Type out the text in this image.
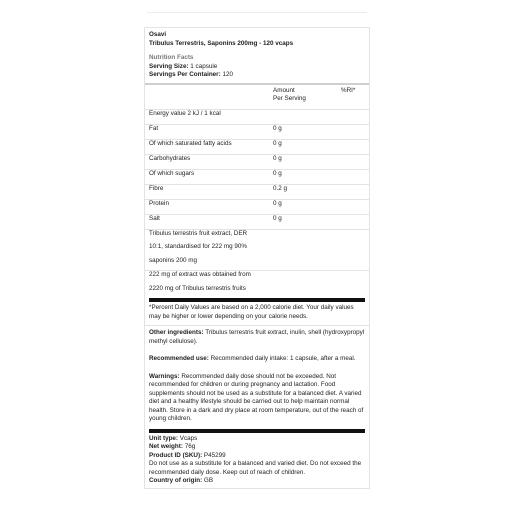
Osavi
Tribulus Terrestris, Saponins 200mg - 120 vcaps
Nutrition Facts
Serving Size: 1 capsule
Servings Per Container: 120
	Amount
Per Serving	%RI*
Energy value 2 kJ / 1 kcal		
Fat	0 g	
Of which saturated fatty acids	0 g	
Carbohydrates	0 g	
Of which sugars	0 g	
Fibre	0.2 g	
Protein	0 g	
Salt	0 g	
Tribulus terrestris fruit extract, DER		
10:1, standardised for 222 mg 90%		
saponins 200 mg		
222 mg of extract was obtained from		
2220 mg of Tribulus terrestris fruits		
*Percent Daily Values are based on a 2,000 calorie diet. Your daily values may be higher or lower depending on your calorie needs.

Other ingredients: Tribulus terrestris fruit extract, inulin, shell (hydroxypropyl methyl cellulose).

Recommended use: Recommended daily intake: 1 capsule, after a meal.

Warnings: Recommended daily dose should not be exceeded. Not recommended for children or during pregnancy and lactation. Food supplements should not be used as a substitute for a balanced diet. A varied diet and a healthy lifestyle should be carried out to help maintain normal health. Store in a dark and dry place at room temperature, out of the reach of young children.

Unit type: Vcaps
Net weight: 76g
Product ID (SKU): P45299
Do not use as a substitute for a balanced and varied diet. Do not exceed the recommended daily dose. Keep out of reach of children.
Country of origin: GB
